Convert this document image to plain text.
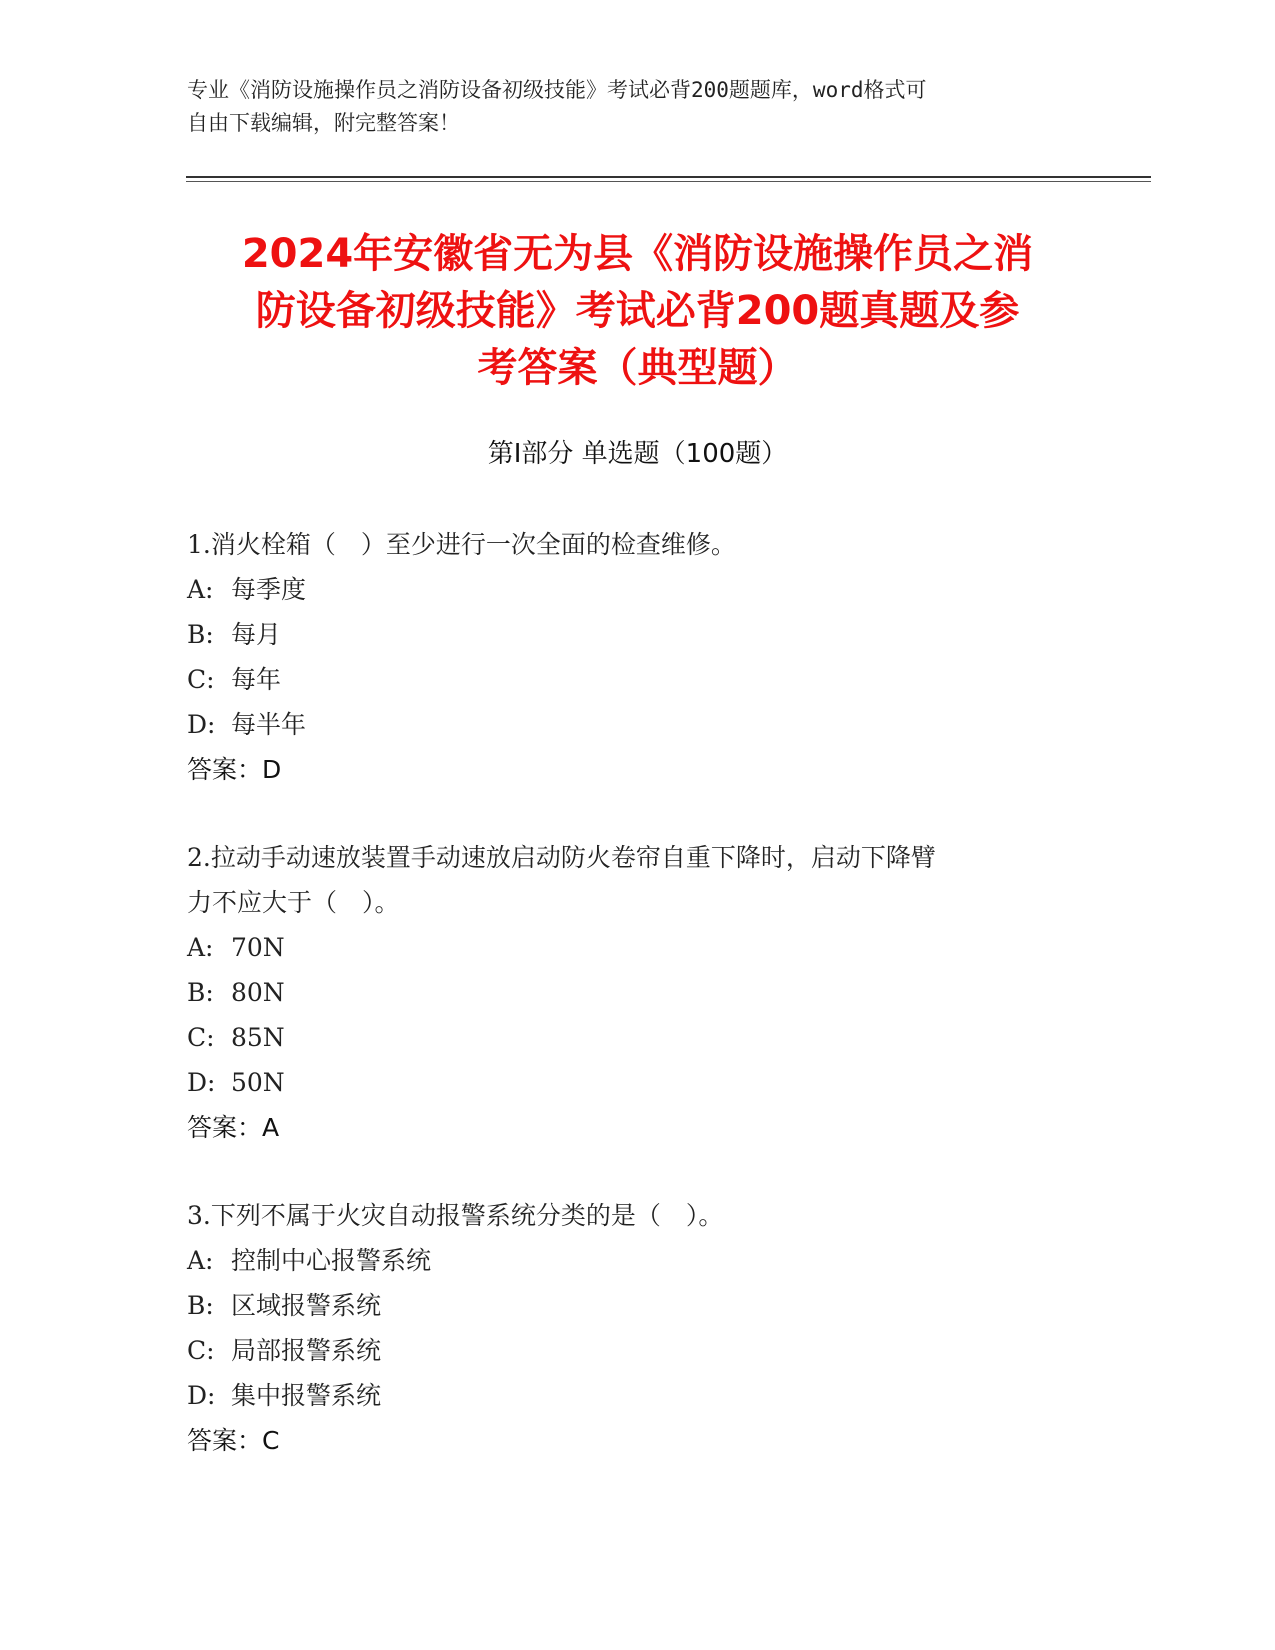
专业《消防设施操作员之消防设备初级技能》考试必背200题题库，word格式可
自由下载编辑，附完整答案！
2024年安徽省无为县《消防设施操作员之消
防设备初级技能》考试必背200题真题及参
考答案（典型题）
第I部分 单选题（100题）
1.消火栓箱（　）至少进行一次全面的检查维修。
A: 每季度
B: 每月
C: 每年
D: 每半年
答案：D
2.拉动手动速放装置手动速放启动防火卷帘自重下降时，启动下降臂
力不应大于（　）。
A: 70N
B: 80N
C: 85N
D: 50N
答案：A
3.下列不属于火灾自动报警系统分类的是（　）。
A: 控制中心报警系统
B: 区域报警系统
C: 局部报警系统
D: 集中报警系统
答案：C
